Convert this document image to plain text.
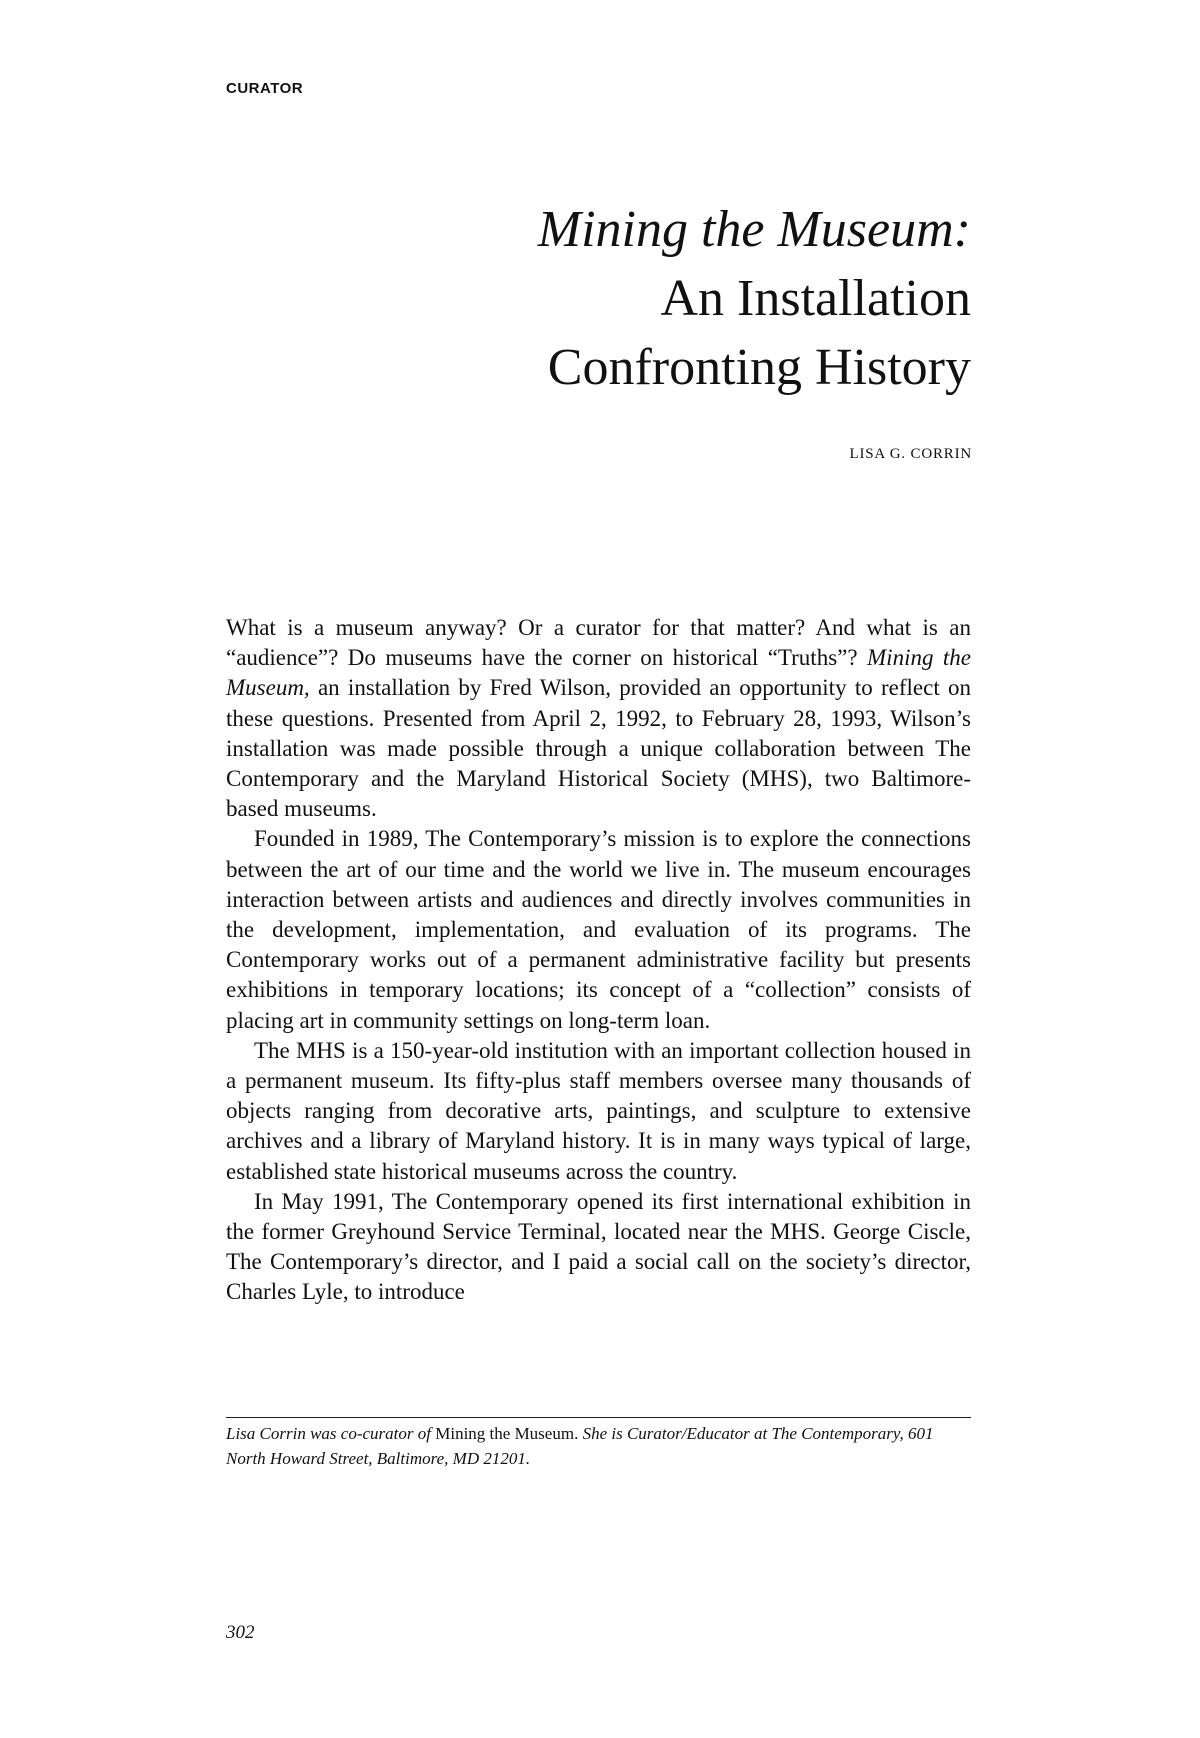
CURATOR
Mining the Museum:
An Installation
Confronting History
LISA G. CORRIN

What is a museum anyway? Or a curator for that matter? And what is an “audience”? Do museums have the corner on historical “Truths”? Mining the Museum, an installation by Fred Wilson, provided an opportunity to reflect on these questions. Presented from April 2, 1992, to February 28, 1993, Wilson’s installation was made possible through a unique collaboration between The Contemporary and the Maryland Historical Society (MHS), two Baltimore-based museums.

Founded in 1989, The Contemporary’s mission is to explore the connections between the art of our time and the world we live in. The museum encourages interaction between artists and audiences and directly involves communities in the development, implementation, and evaluation of its programs. The Contemporary works out of a permanent administrative facility but presents exhibitions in temporary locations; its concept of a “collection” consists of placing art in community settings on long-term loan.

The MHS is a 150-year-old institution with an important collection housed in a permanent museum. Its fifty-plus staff members oversee many thousands of objects ranging from decorative arts, paintings, and sculpture to extensive archives and a library of Maryland history. It is in many ways typical of large, established state historical museums across the country.

In May 1991, The Contemporary opened its first international exhibition in the former Greyhound Service Terminal, located near the MHS. George Ciscle, The Contemporary’s director, and I paid a social call on the society’s director, Charles Lyle, to introduce

Lisa Corrin was co-curator of Mining the Museum. She is Curator/Educator at The Contemporary, 601 North Howard Street, Baltimore, MD 21201.
302
